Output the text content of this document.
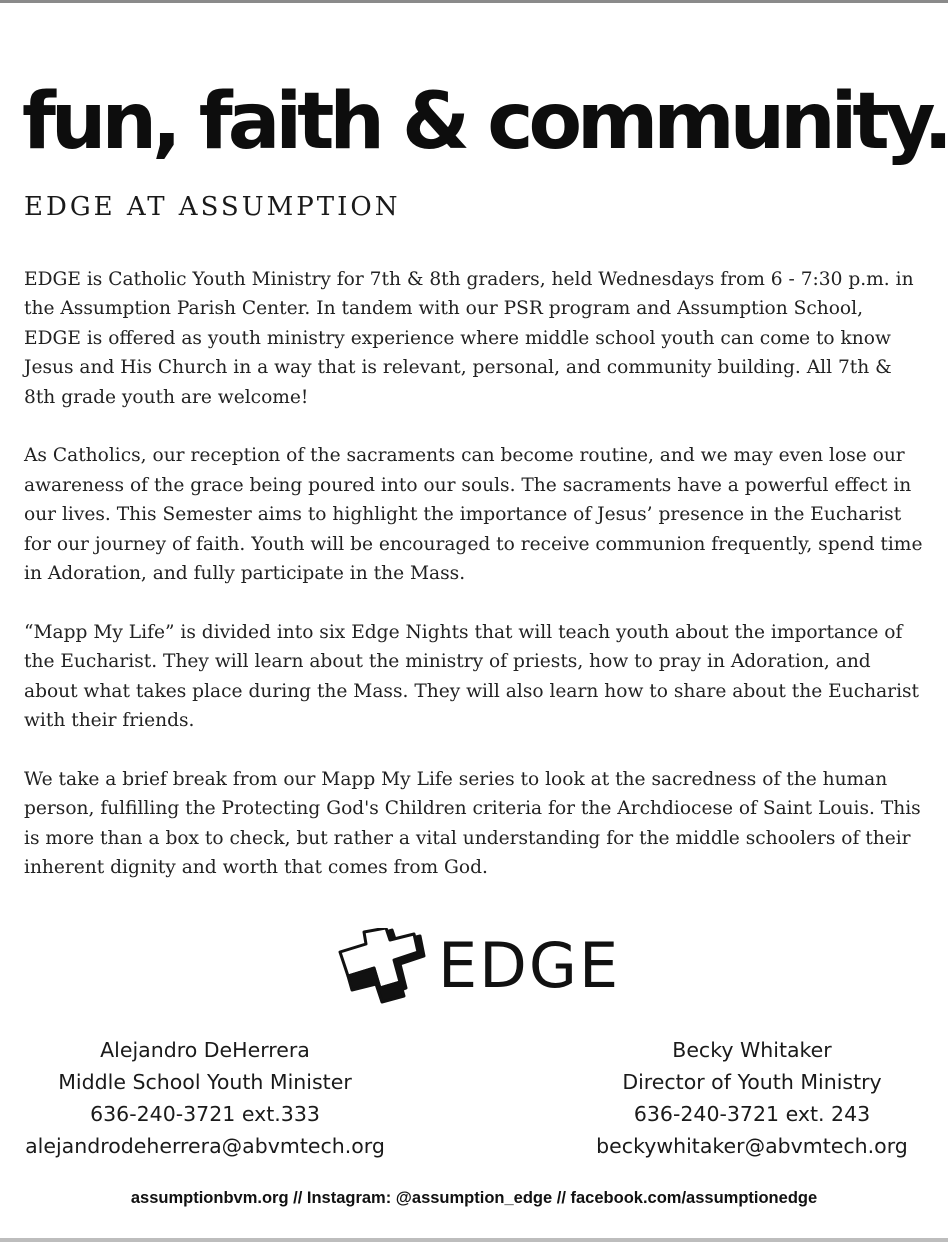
fun, faith & community.
EDGE AT ASSUMPTION

EDGE is Catholic Youth Ministry for 7th & 8th graders, held Wednesdays from 6 - 7:30 p.m. in the Assumption Parish Center. In tandem with our PSR program and Assumption School, EDGE is offered as youth ministry experience where middle school youth can come to know Jesus and His Church in a way that is relevant, personal, and community building. All 7th & 8th grade youth are welcome!

As Catholics, our reception of the sacraments can become routine, and we may even lose our awareness of the grace being poured into our souls. The sacraments have a powerful effect in our lives. This Semester aims to highlight the importance of Jesus’ presence in the Eucharist for our journey of faith. Youth will be encouraged to receive communion frequently, spend time in Adoration, and fully participate in the Mass.

“Mapp My Life” is divided into six Edge Nights that will teach youth about the importance of the Eucharist. They will learn about the ministry of priests, how to pray in Adoration, and about what takes place during the Mass. They will also learn how to share about the Eucharist with their friends.

We take a brief break from our Mapp My Life series to look at the sacredness of the human person, fulfilling the Protecting God's Children criteria for the Archdiocese of Saint Louis. This is more than a box to check, but rather a vital understanding for the middle schoolers of their inherent dignity and worth that comes from God.

EDGE
Alejandro DeHerrera
Middle School Youth Minister
636-240-3721 ext.333
alejandrodeherrera@abvmtech.org
Becky Whitaker
Director of Youth Ministry
636-240-3721 ext. 243
beckywhitaker@abvmtech.org
assumptionbvm.org // Instagram: @assumption_edge // facebook.com/assumptionedge
